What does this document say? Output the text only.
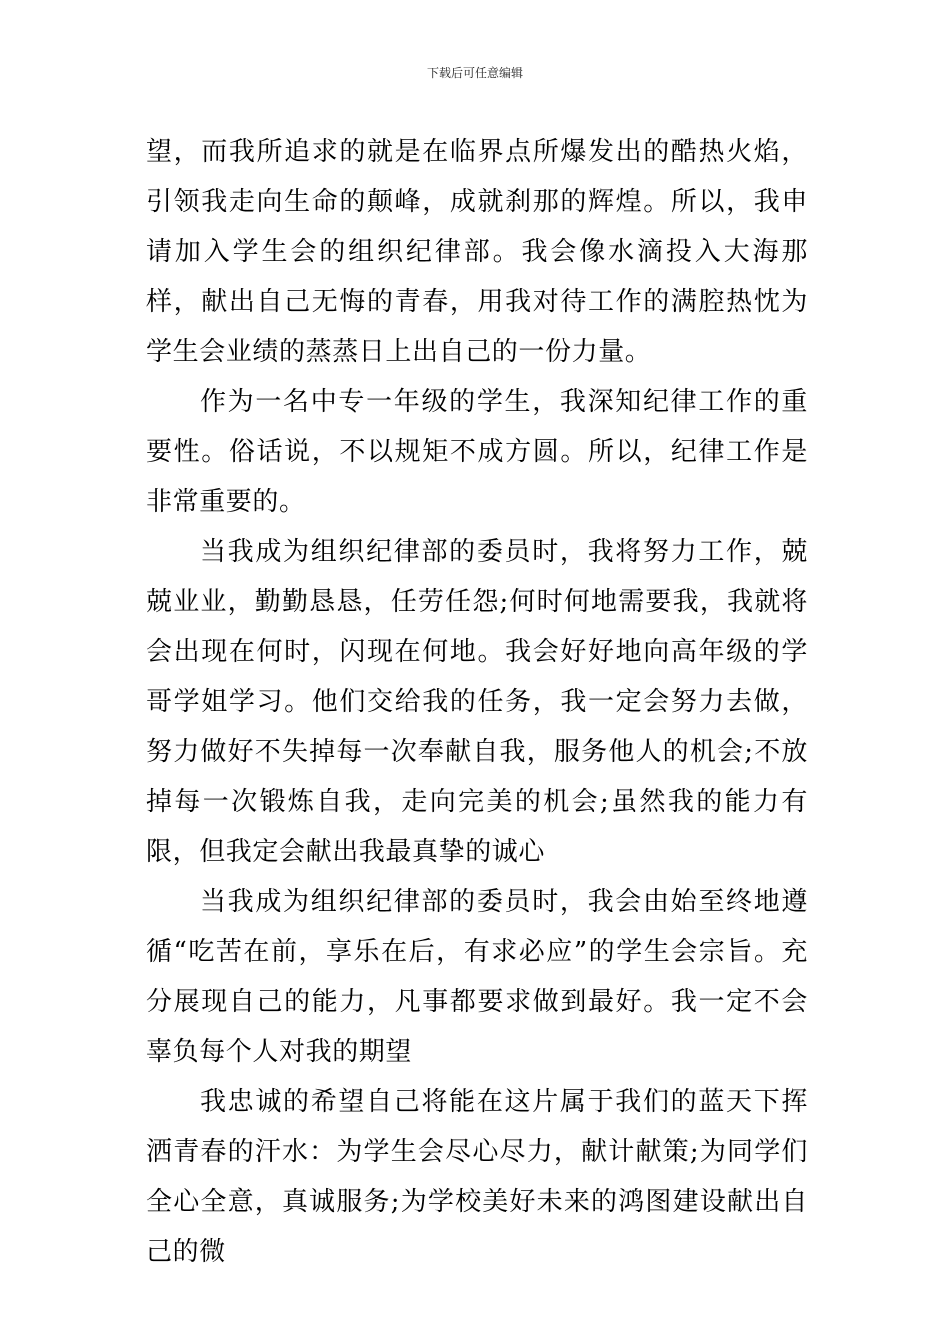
下载后可任意编辑

望，而我所追求的就是在临界点所爆发出的酷热火焰，引领我走向生命的颠峰，成就刹那的辉煌。所以，我申请加入学生会的组织纪律部。我会像水滴投入大海那样，献出自己无悔的青春，用我对待工作的满腔热忱为学生会业绩的蒸蒸日上出自己的一份力量。

作为一名中专一年级的学生，我深知纪律工作的重要性。俗话说，不以规矩不成方圆。所以，纪律工作是非常重要的。

当我成为组织纪律部的委员时，我将努力工作，兢兢业业，勤勤恳恳，任劳任怨;何时何地需要我，我就将会出现在何时，闪现在何地。我会好好地向高年级的学哥学姐学习。他们交给我的任务，我一定会努力去做，努力做好不失掉每一次奉献自我，服务他人的机会;不放掉每一次锻炼自我，走向完美的机会;虽然我的能力有限，但我定会献出我最真挚的诚心

当我成为组织纪律部的委员时，我会由始至终地遵循“吃苦在前，享乐在后，有求必应”的学生会宗旨。充分展现自己的能力，凡事都要求做到最好。我一定不会辜负每个人对我的期望

我忠诚的希望自己将能在这片属于我们的蓝天下挥洒青春的汗水：为学生会尽心尽力，献计献策;为同学们全心全意，真诚服务;为学校美好未来的鸿图建设献出自己的微
